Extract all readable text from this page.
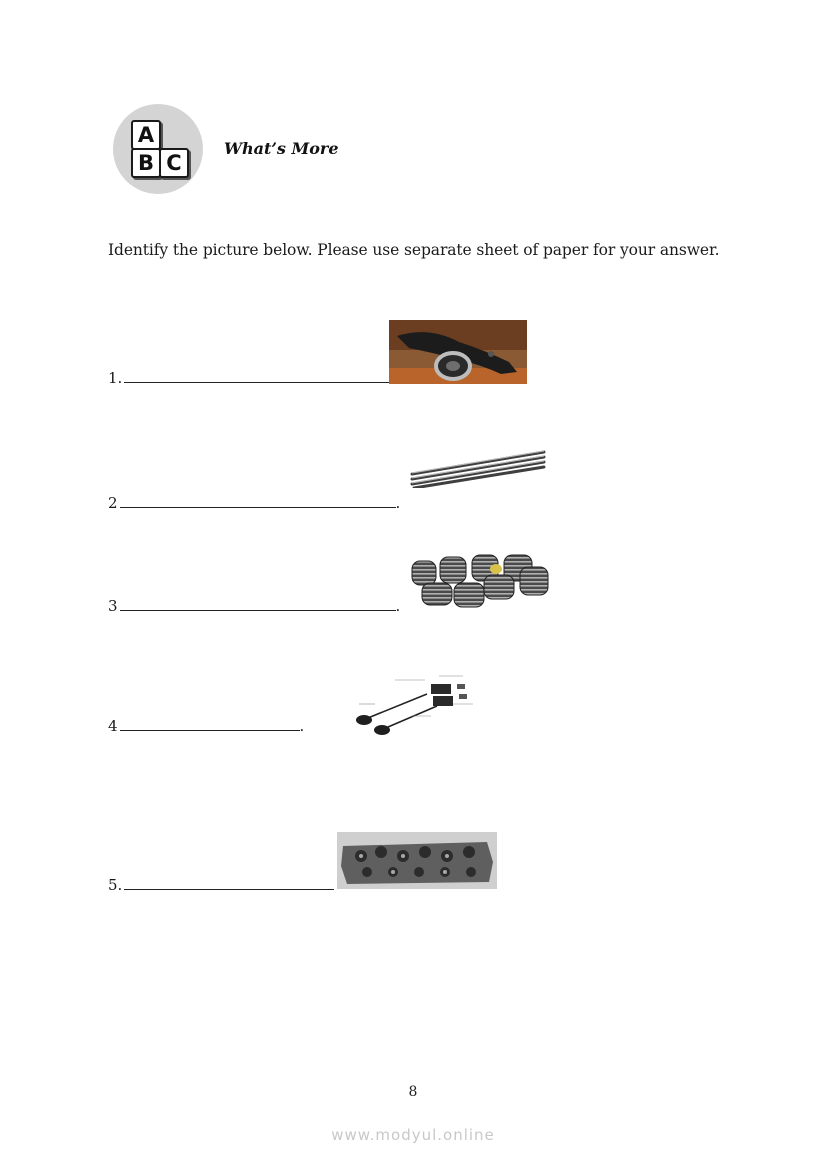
A
B C
What’s More
Identify the picture below. Please use separate sheet of paper for your answer.
1.
2	.
3	.
4	.
5.
8
www.modyul.online
